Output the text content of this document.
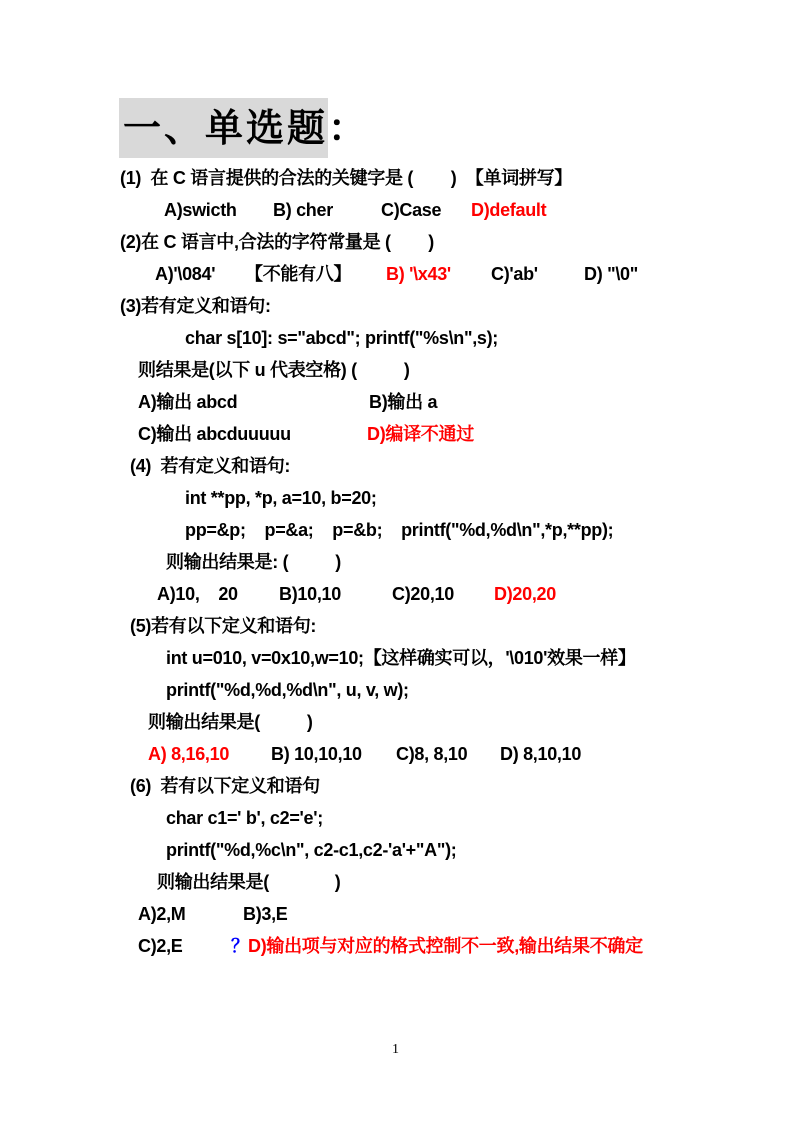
一、单选题：
(1)  在 C 语言提供的合法的关键字是 (        )  【单词拼写】
A)swicth B) cher	C)Case D)default
(2)在 C 语言中,合法的字符常量是 (        )
A)'\084' 【不能有八】 B) '\x43' C)'ab'	D) "\0"
(3)若有定义和语句:
char s[10]: s="abcd"; printf("%s\n",s);
则结果是(以下 u 代表空格) (          )
A)输出 abcd	B)输出 a
C)输出 abcduuuuu	D)编译不通过
(4)  若有定义和语句:
int **pp, *p, a=10, b=20;
pp=&p;    p=&a;    p=&b;    printf("%d,%d\n",*p,**pp);
则输出结果是: (          )
A)10,    20 B)10,10	C)20,10 D)20,20
(5)若有以下定义和语句:
int u=010, v=0x10,w=10;【这样确实可以，'\010'效果一样】
printf("%d,%d,%d\n", u, v, w);
则输出结果是(          )
A) 8,16,10 B) 10,10,10 C)8, 8,10 D) 8,10,10
(6)  若有以下定义和语句
char c1=' b', c2='e';
printf("%d,%c\n", c2-c1,c2-'a'+"A");
则输出结果是(              )
A)2,M	B)3,E
C)2,E	？ D)输出项与对应的格式控制不一致,输出结果不确定
1
